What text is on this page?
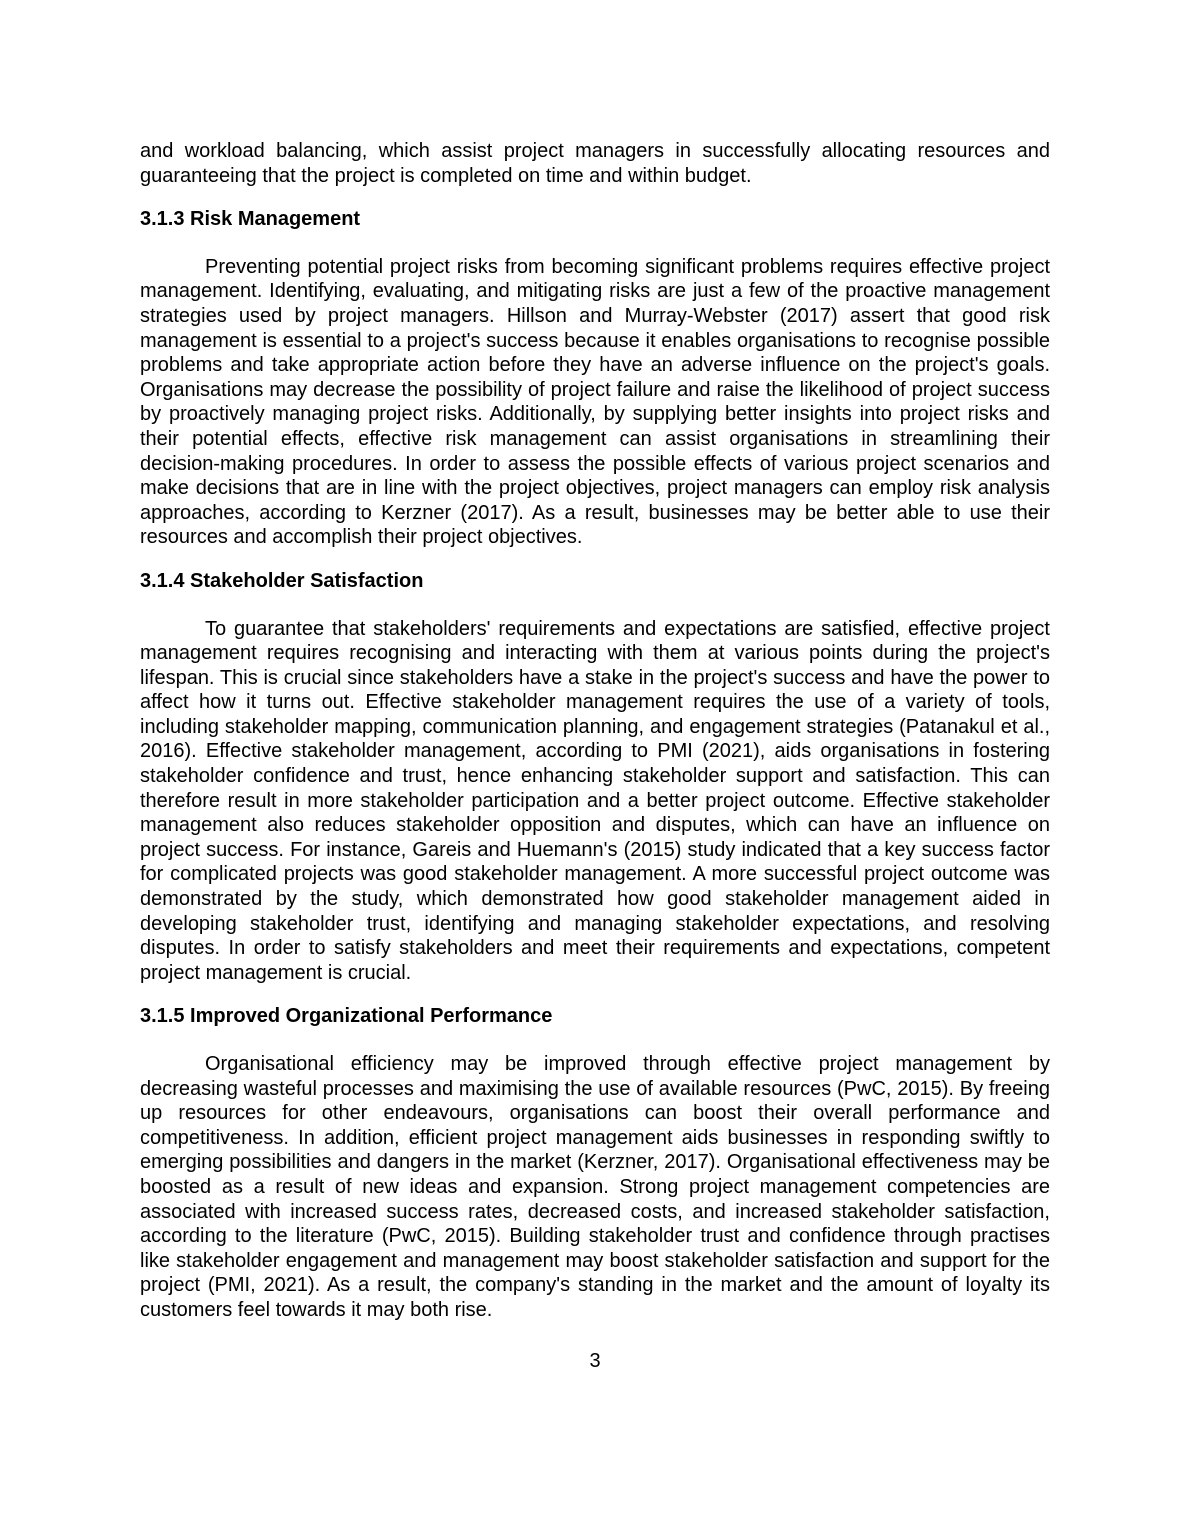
and workload balancing, which assist project managers in successfully allocating resources and guaranteeing that the project is completed on time and within budget.

3.1.3 Risk Management

Preventing potential project risks from becoming significant problems requires effective project management. Identifying, evaluating, and mitigating risks are just a few of the proactive management strategies used by project managers. Hillson and Murray-Webster (2017) assert that good risk management is essential to a project's success because it enables organisations to recognise possible problems and take appropriate action before they have an adverse influence on the project's goals. Organisations may decrease the possibility of project failure and raise the likelihood of project success by proactively managing project risks. Additionally, by supplying better insights into project risks and their potential effects, effective risk management can assist organisations in streamlining their decision-making procedures. In order to assess the possible effects of various project scenarios and make decisions that are in line with the project objectives, project managers can employ risk analysis approaches, according to Kerzner (2017). As a result, businesses may be better able to use their resources and accomplish their project objectives.

3.1.4 Stakeholder Satisfaction

To guarantee that stakeholders' requirements and expectations are satisfied, effective project management requires recognising and interacting with them at various points during the project's lifespan. This is crucial since stakeholders have a stake in the project's success and have the power to affect how it turns out. Effective stakeholder management requires the use of a variety of tools, including stakeholder mapping, communication planning, and engagement strategies (Patanakul et al., 2016). Effective stakeholder management, according to PMI (2021), aids organisations in fostering stakeholder confidence and trust, hence enhancing stakeholder support and satisfaction. This can therefore result in more stakeholder participation and a better project outcome. Effective stakeholder management also reduces stakeholder opposition and disputes, which can have an influence on project success. For instance, Gareis and Huemann's (2015) study indicated that a key success factor for complicated projects was good stakeholder management. A more successful project outcome was demonstrated by the study, which demonstrated how good stakeholder management aided in developing stakeholder trust, identifying and managing stakeholder expectations, and resolving disputes. In order to satisfy stakeholders and meet their requirements and expectations, competent project management is crucial.

3.1.5 Improved Organizational Performance

Organisational efficiency may be improved through effective project management by decreasing wasteful processes and maximising the use of available resources (PwC, 2015). By freeing up resources for other endeavours, organisations can boost their overall performance and competitiveness. In addition, efficient project management aids businesses in responding swiftly to emerging possibilities and dangers in the market (Kerzner, 2017). Organisational effectiveness may be boosted as a result of new ideas and expansion. Strong project management competencies are associated with increased success rates, decreased costs, and increased stakeholder satisfaction, according to the literature (PwC, 2015). Building stakeholder trust and confidence through practises like stakeholder engagement and management may boost stakeholder satisfaction and support for the project (PMI, 2021). As a result, the company's standing in the market and the amount of loyalty its customers feel towards it may both rise.

3
